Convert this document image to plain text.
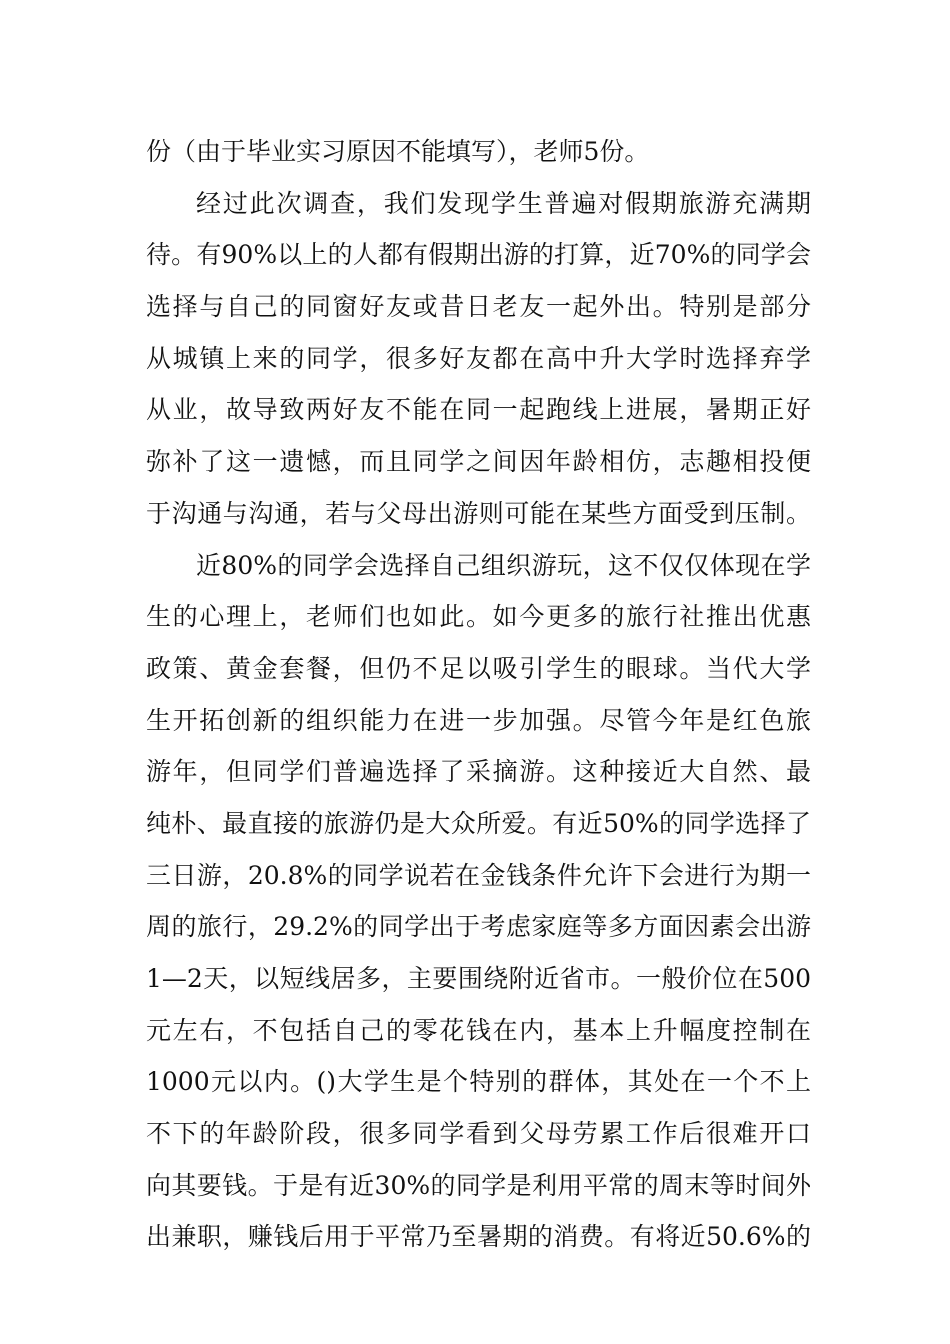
份（由于毕业实习原因不能填写），老师5份。
经过此次调查，我们发现学生普遍对假期旅游充满期
待。有90%以上的人都有假期出游的打算，近70%的同学会
选择与自己的同窗好友或昔日老友一起外出。特别是部分
从城镇上来的同学，很多好友都在高中升大学时选择弃学
从业，故导致两好友不能在同一起跑线上进展，暑期正好
弥补了这一遗憾，而且同学之间因年龄相仿，志趣相投便
于沟通与沟通，若与父母出游则可能在某些方面受到压制。
近80%的同学会选择自己组织游玩，这不仅仅体现在学
生的心理上，老师们也如此。如今更多的旅行社推出优惠
政策、黄金套餐，但仍不足以吸引学生的眼球。当代大学
生开拓创新的组织能力在进一步加强。尽管今年是红色旅
游年，但同学们普遍选择了采摘游。这种接近大自然、最
纯朴、最直接的旅游仍是大众所爱。有近50%的同学选择了
三日游，20.8%的同学说若在金钱条件允许下会进行为期一
周的旅行，29.2%的同学出于考虑家庭等多方面因素会出游
1—2天，以短线居多，主要围绕附近省市。一般价位在500
元左右，不包括自己的零花钱在内，基本上升幅度控制在
1000元以内。()大学生是个特别的群体，其处在一个不上
不下的年龄阶段，很多同学看到父母劳累工作后很难开口
向其要钱。于是有近30%的同学是利用平常的周末等时间外
出兼职，赚钱后用于平常乃至暑期的消费。有将近50.6%的
